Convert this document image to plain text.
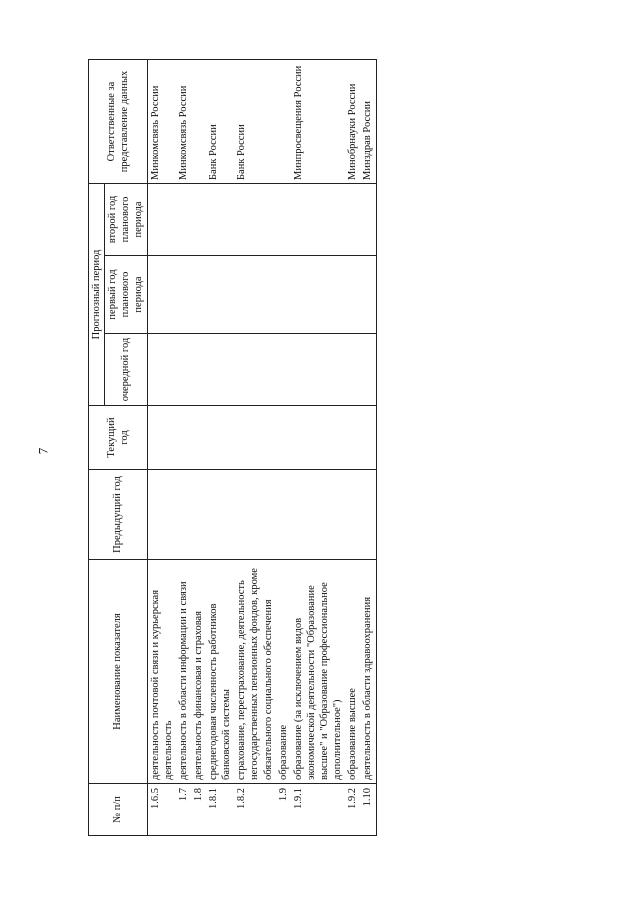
7
№ п/п	Наименование показателя	Предыдущий год	Текущий год	Прогнозный период			Ответственные за представление данных
				очередной год	первый год планового периода	второй год планового периода	
1.6.5	деятельность почтовой связи и курьерская деятельность						Минкомсвязь России
1.7	деятельность в области информации и связи						Минкомсвязь России
1.8	деятельность финансовая и страховая						
1.8.1	среднегодовая численность работников банковской системы						Банк России
1.8.2	страхование, перестрахование, деятельность негосударственных пенсионных фондов, кроме обязательного социального обеспечения						Банк России
1.9	образование						
1.9.1	образование (за исключением видов экономической деятельности "Образование высшее" и "Образование профессиональное дополнительное")						Минпросвещения России
1.9.2	образование высшее						Минобрнауки России
1.10	деятельность в области здравоохранения						Минздрав России
